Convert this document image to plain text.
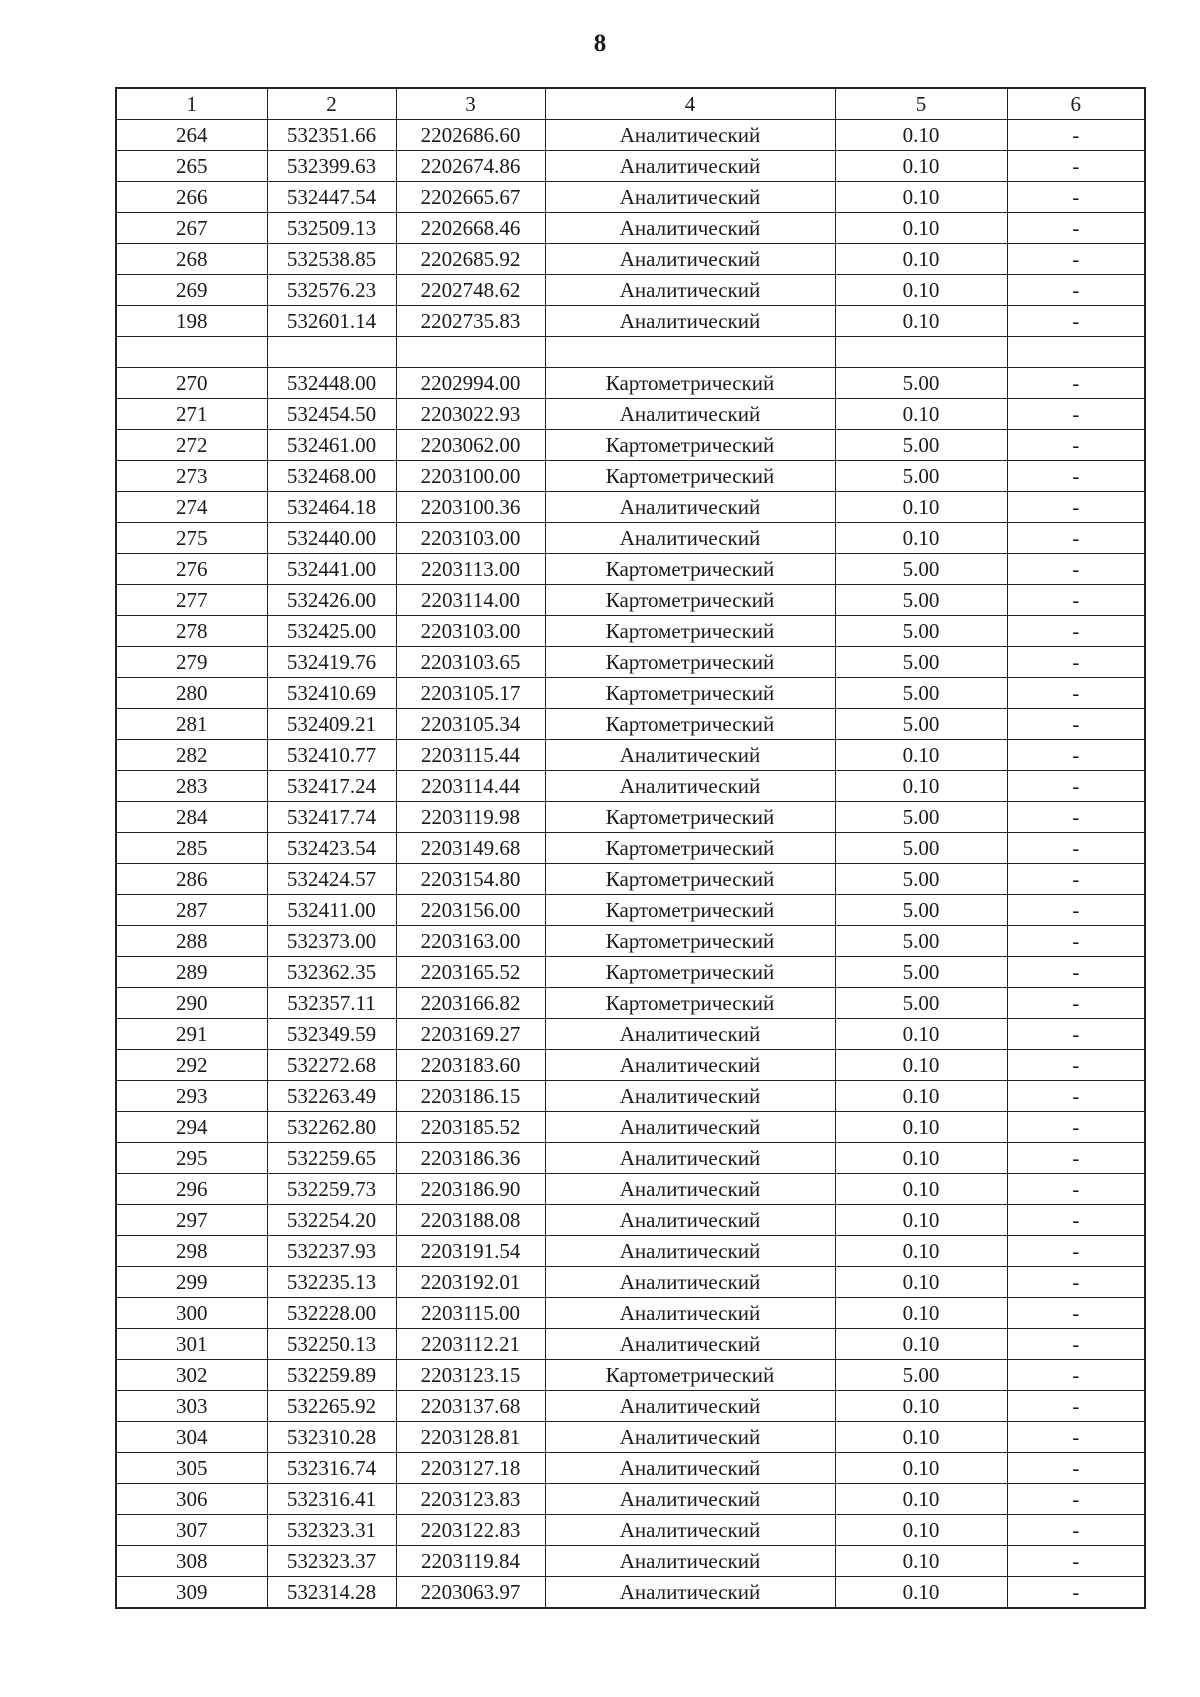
8
1	2	3	4	5	6
264	532351.66	2202686.60	Аналитический	0.10	-
265	532399.63	2202674.86	Аналитический	0.10	-
266	532447.54	2202665.67	Аналитический	0.10	-
267	532509.13	2202668.46	Аналитический	0.10	-
268	532538.85	2202685.92	Аналитический	0.10	-
269	532576.23	2202748.62	Аналитический	0.10	-
198	532601.14	2202735.83	Аналитический	0.10	-

270	532448.00	2202994.00	Картометрический	5.00	-
271	532454.50	2203022.93	Аналитический	0.10	-
272	532461.00	2203062.00	Картометрический	5.00	-
273	532468.00	2203100.00	Картометрический	5.00	-
274	532464.18	2203100.36	Аналитический	0.10	-
275	532440.00	2203103.00	Аналитический	0.10	-
276	532441.00	2203113.00	Картометрический	5.00	-
277	532426.00	2203114.00	Картометрический	5.00	-
278	532425.00	2203103.00	Картометрический	5.00	-
279	532419.76	2203103.65	Картометрический	5.00	-
280	532410.69	2203105.17	Картометрический	5.00	-
281	532409.21	2203105.34	Картометрический	5.00	-
282	532410.77	2203115.44	Аналитический	0.10	-
283	532417.24	2203114.44	Аналитический	0.10	-
284	532417.74	2203119.98	Картометрический	5.00	-
285	532423.54	2203149.68	Картометрический	5.00	-
286	532424.57	2203154.80	Картометрический	5.00	-
287	532411.00	2203156.00	Картометрический	5.00	-
288	532373.00	2203163.00	Картометрический	5.00	-
289	532362.35	2203165.52	Картометрический	5.00	-
290	532357.11	2203166.82	Картометрический	5.00	-
291	532349.59	2203169.27	Аналитический	0.10	-
292	532272.68	2203183.60	Аналитический	0.10	-
293	532263.49	2203186.15	Аналитический	0.10	-
294	532262.80	2203185.52	Аналитический	0.10	-
295	532259.65	2203186.36	Аналитический	0.10	-
296	532259.73	2203186.90	Аналитический	0.10	-
297	532254.20	2203188.08	Аналитический	0.10	-
298	532237.93	2203191.54	Аналитический	0.10	-
299	532235.13	2203192.01	Аналитический	0.10	-
300	532228.00	2203115.00	Аналитический	0.10	-
301	532250.13	2203112.21	Аналитический	0.10	-
302	532259.89	2203123.15	Картометрический	5.00	-
303	532265.92	2203137.68	Аналитический	0.10	-
304	532310.28	2203128.81	Аналитический	0.10	-
305	532316.74	2203127.18	Аналитический	0.10	-
306	532316.41	2203123.83	Аналитический	0.10	-
307	532323.31	2203122.83	Аналитический	0.10	-
308	532323.37	2203119.84	Аналитический	0.10	-
309	532314.28	2203063.97	Аналитический	0.10	-
